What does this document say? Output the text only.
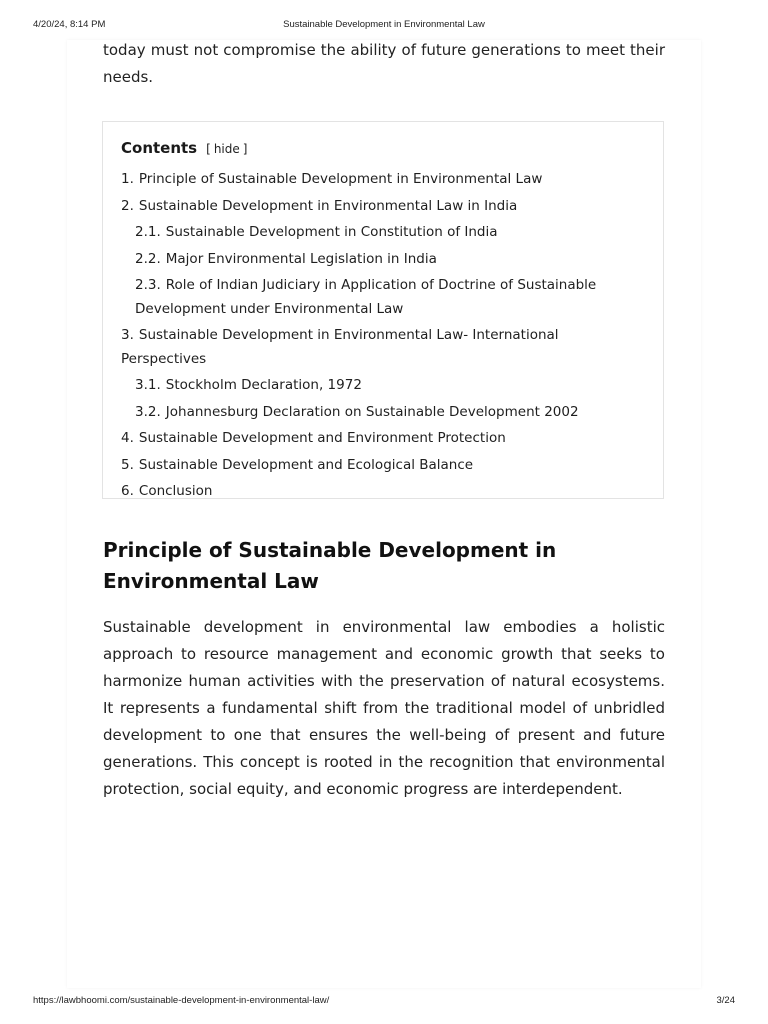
4/20/24, 8:14 PM	Sustainable Development in Environmental Law

today must not compromise the ability of future generations to meet their needs.

Contents [ hide ]
1. Principle of Sustainable Development in Environmental Law
2. Sustainable Development in Environmental Law in India
2.1. Sustainable Development in Constitution of India
2.2. Major Environmental Legislation in India
2.3. Role of Indian Judiciary in Application of Doctrine of Sustainable Development under Environmental Law
3. Sustainable Development in Environmental Law- International Perspectives
3.1. Stockholm Declaration, 1972
3.2. Johannesburg Declaration on Sustainable Development 2002
4. Sustainable Development and Environment Protection
5. Sustainable Development and Ecological Balance
6. Conclusion
Principle of Sustainable Development in Environmental Law

Sustainable development in environmental law embodies a holistic approach to resource management and economic growth that seeks to harmonize human activities with the preservation of natural ecosystems. It represents a fundamental shift from the traditional model of unbridled development to one that ensures the well-being of present and future generations. This concept is rooted in the recognition that environmental protection, social equity, and economic progress are interdependent.

https://lawbhoomi.com/sustainable-development-in-environmental-law/	3/24
